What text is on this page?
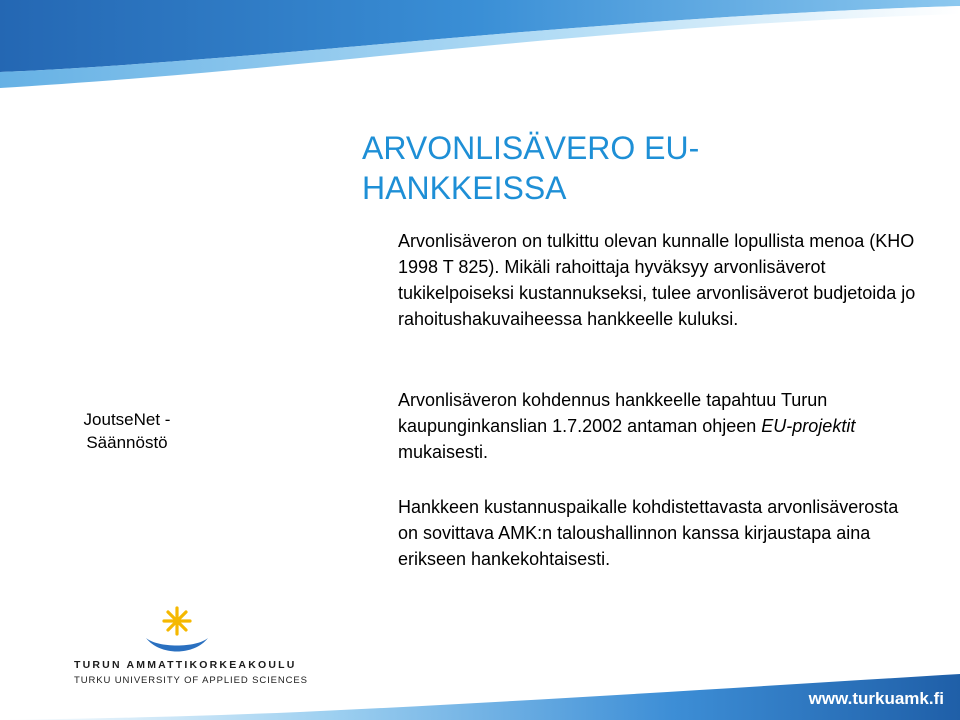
ARVONLISÄVERO EU-HANKKEISSA
JoutseNet - Säännöstö

Arvonlisäveron on tulkittu olevan kunnalle lopullista menoa (KHO 1998 T 825). Mikäli rahoittaja hyväksyy arvonlisäverot tukikelpoiseksi kustannukseksi, tulee arvonlisäverot budjetoida jo rahoitushakuvaiheessa hankkeelle kuluksi.

Arvonlisäveron kohdennus hankkeelle tapahtuu Turun kaupunginkanslian 1.7.2002 antaman ohjeen EU-projektit mukaisesti.

Hankkeen kustannuspaikalle kohdistettavasta arvonlisäverosta on sovittava AMK:n taloushallinnon kanssa kirjaustapa aina erikseen hankekohtaisesti.

TURUN AMMATTIKORKEAKOULU
TURKU UNIVERSITY OF APPLIED SCIENCES
www.turkuamk.fi
